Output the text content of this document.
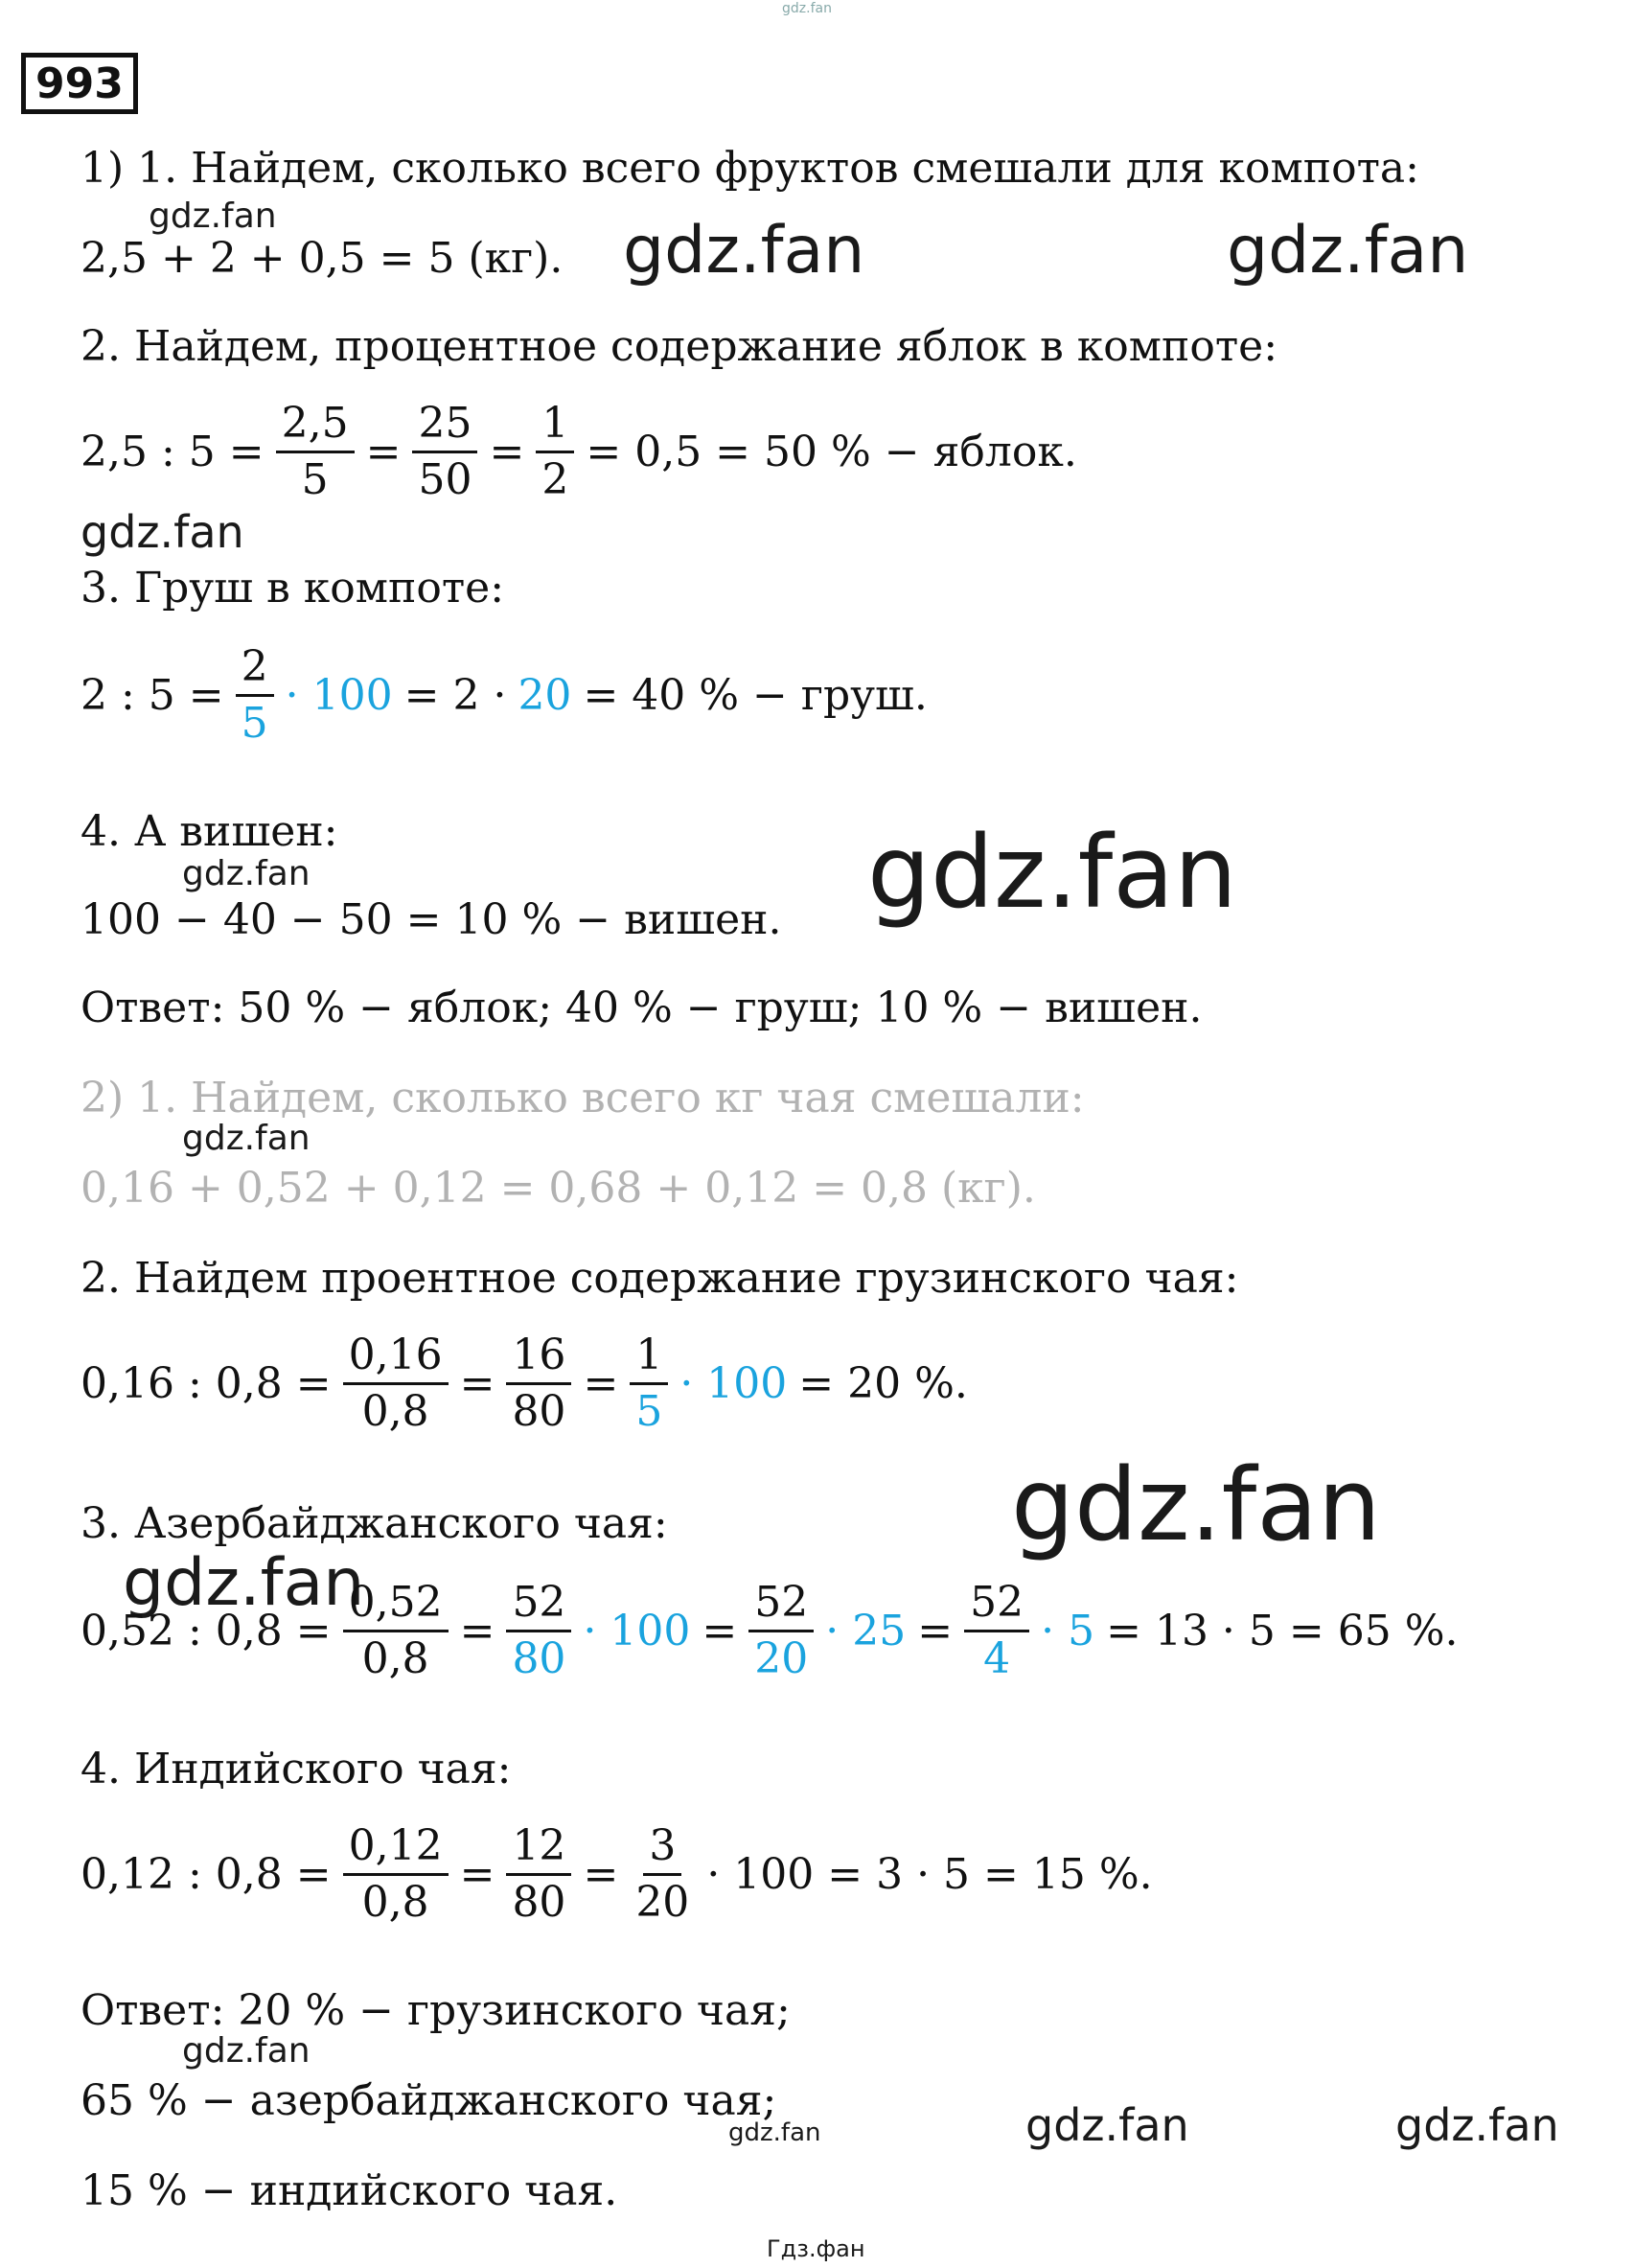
gdz.fan
993
1) 1. Найдем, сколько всего фруктов смешали для компота:
gdz.fan
2,5 + 2 + 0,5 = 5 (кг). gdz.fan	gdz.fan
2. Найдем, процентное содержание яблок в компоте:
2,5 : $5 = \frac{2,5}{5} = \frac{25}{50} = \frac{1}{2} = 0,5 = 50$ % − яблок.
gdz.fan
3. Груш в компоте:
2 : $5 = \frac{2}{5} \cdot 100 = 2 \cdot 20 = 40$ % − груш.
4. А вишен:
gdz.fan
100 − 40 − 50 = 10 % − вишен. gdz.fan
Ответ: 50 % − яблок; 40 % − груш; 10 % − вишен.
2) 1. Найдем, сколько всего кг чая смешали:
gdz.fan
0,16 + 0,52 + 0,12 = 0,68 + 0,12 = 0,8 (кг).
2. Найдем проентное содержание грузинского чая:
0,16 : $0,8 = \frac{0,16}{0,8} = \frac{16}{80} = \frac{1}{5} \cdot 100 = 20$ %.
gdz.fan
3. Азербайджанского чая:
gdz.fan
0,52 : $0,8 = \frac{0,52}{0,8} = \frac{52}{80} \cdot 100 = \frac{52}{20} \cdot 25 = \frac{52}{4} \cdot 5 = 13 \cdot 5 = 65$ %.
4. Индийского чая:
0,12 : $0,8 = \frac{0,12}{0,8} = \frac{12}{80} = \frac{3}{20} \cdot 100 = 3 \cdot 5 = 15$ %.
Ответ: 20 % − грузинского чая;
gdz.fan
65 % − азербайджанского чая;
gdz.fan	gdz.fan	gdz.fan
15 % − индийского чая.
Гдз.фан
